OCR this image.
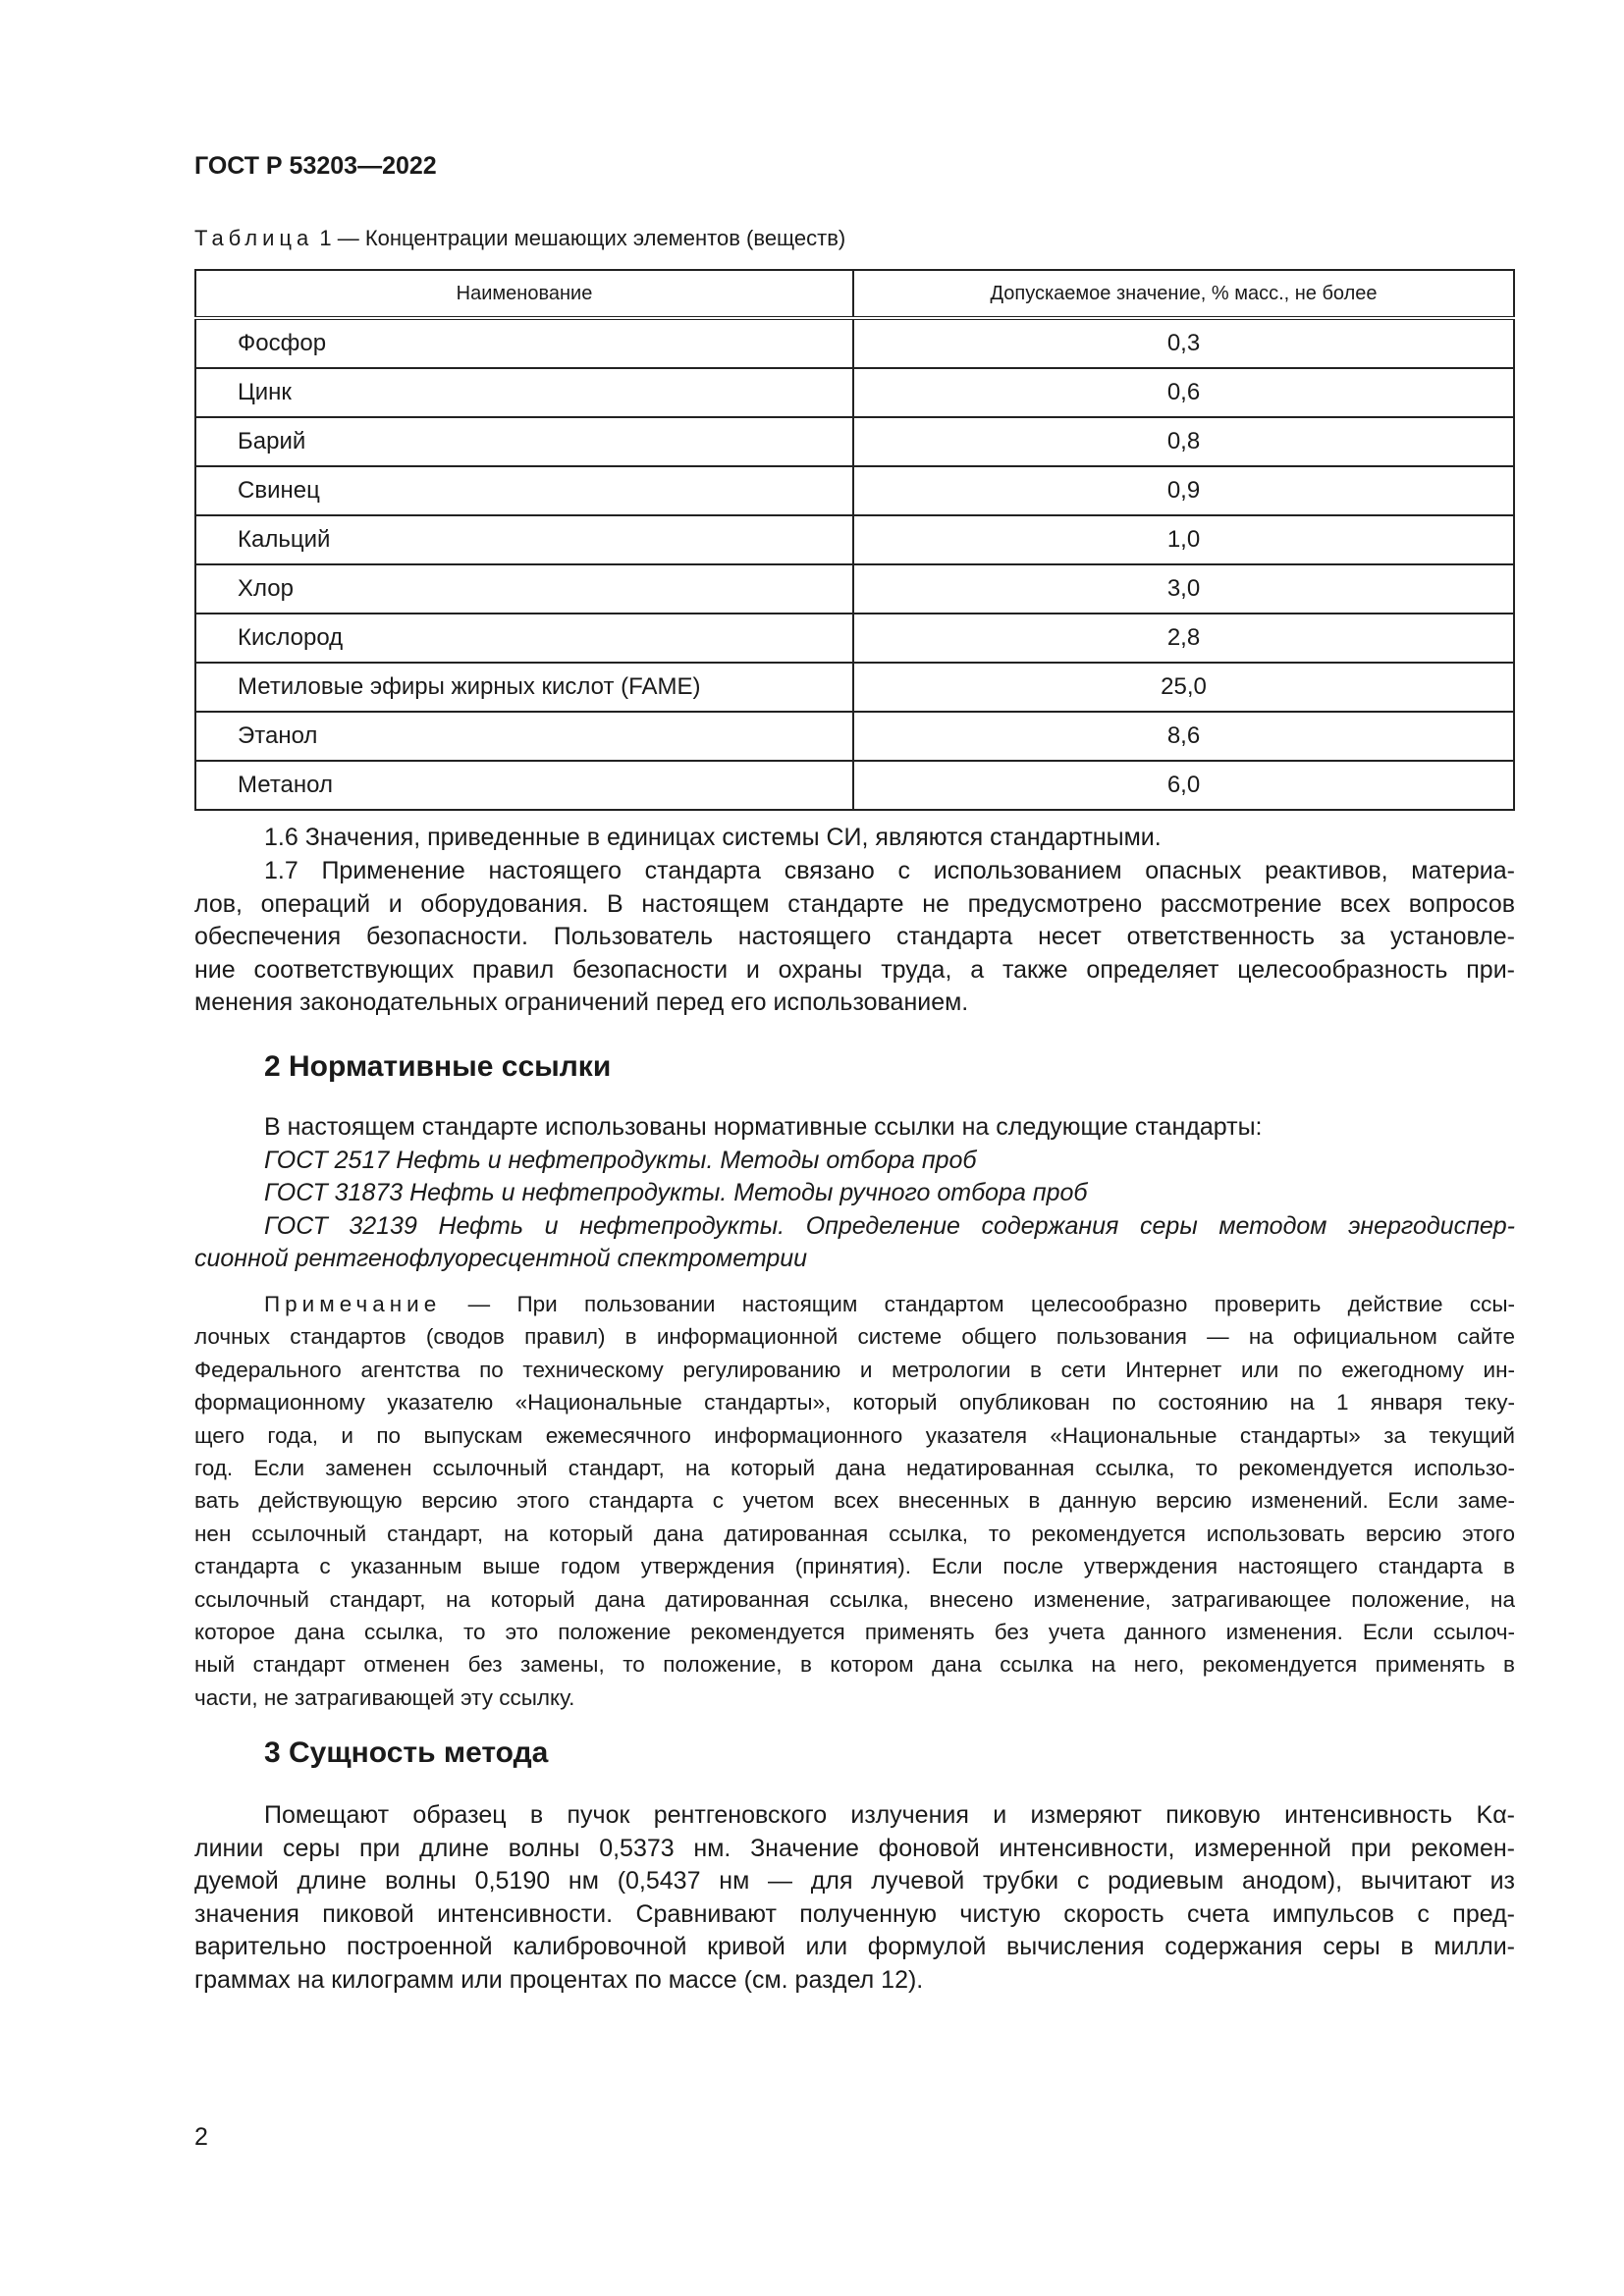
ГОСТ Р 53203—2022
Таблица 1 — Концентрации мешающих элементов (веществ)
Наименование	Допускаемое значение, % масс., не более
Фосфор	0,3
Цинк	0,6
Барий	0,8
Свинец	0,9
Кальций	1,0
Хлор	3,0
Кислород	2,8
Метиловые эфиры жирных кислот (FAME)	25,0
Этанол	8,6
Метанол	6,0
1.6 Значения, приведенные в единицах системы СИ, являются стандартными.
1.7 Применение настоящего стандарта связано с использованием опасных реактивов, материа-
лов, операций и оборудования. В настоящем стандарте не предусмотрено рассмотрение всех вопросов
обеспечения безопасности. Пользователь настоящего стандарта несет ответственность за установле-
ние соответствующих правил безопасности и охраны труда, а также определяет целесообразность при-
менения законодательных ограничений перед его использованием.
2 Нормативные ссылки
В настоящем стандарте использованы нормативные ссылки на следующие стандарты:
ГОСТ 2517 Нефть и нефтепродукты. Методы отбора проб
ГОСТ 31873 Нефть и нефтепродукты. Методы ручного отбора проб
ГОСТ 32139 Нефть и нефтепродукты. Определение содержания серы методом энергодиспер-
сионной рентгенофлуоресцентной спектрометрии
Примечание — При пользовании настоящим стандартом целесообразно проверить действие ссы-
лочных стандартов (сводов правил) в информационной системе общего пользования — на официальном сайте
Федерального агентства по техническому регулированию и метрологии в сети Интернет или по ежегодному ин-
формационному указателю «Национальные стандарты», который опубликован по состоянию на 1 января теку-
щего года, и по выпускам ежемесячного информационного указателя «Национальные стандарты» за текущий
год. Если заменен ссылочный стандарт, на который дана недатированная ссылка, то рекомендуется использо-
вать действующую версию этого стандарта с учетом всех внесенных в данную версию изменений. Если заме-
нен ссылочный стандарт, на который дана датированная ссылка, то рекомендуется использовать версию этого
стандарта с указанным выше годом утверждения (принятия). Если после утверждения настоящего стандарта в
ссылочный стандарт, на который дана датированная ссылка, внесено изменение, затрагивающее положение, на
которое дана ссылка, то это положение рекомендуется применять без учета данного изменения. Если ссылоч-
ный стандарт отменен без замены, то положение, в котором дана ссылка на него, рекомендуется применять в
части, не затрагивающей эту ссылку.
3 Сущность метода
Помещают образец в пучок рентгеновского излучения и измеряют пиковую интенсивность Kα-
линии серы при длине волны 0,5373 нм. Значение фоновой интенсивности, измеренной при рекомен-
дуемой длине волны 0,5190 нм (0,5437 нм — для лучевой трубки с родиевым анодом), вычитают из
значения пиковой интенсивности. Сравнивают полученную чистую скорость счета импульсов с пред-
варительно построенной калибровочной кривой или формулой вычисления содержания серы в милли-
граммах на килограмм или процентах по массе (см. раздел 12).
2
